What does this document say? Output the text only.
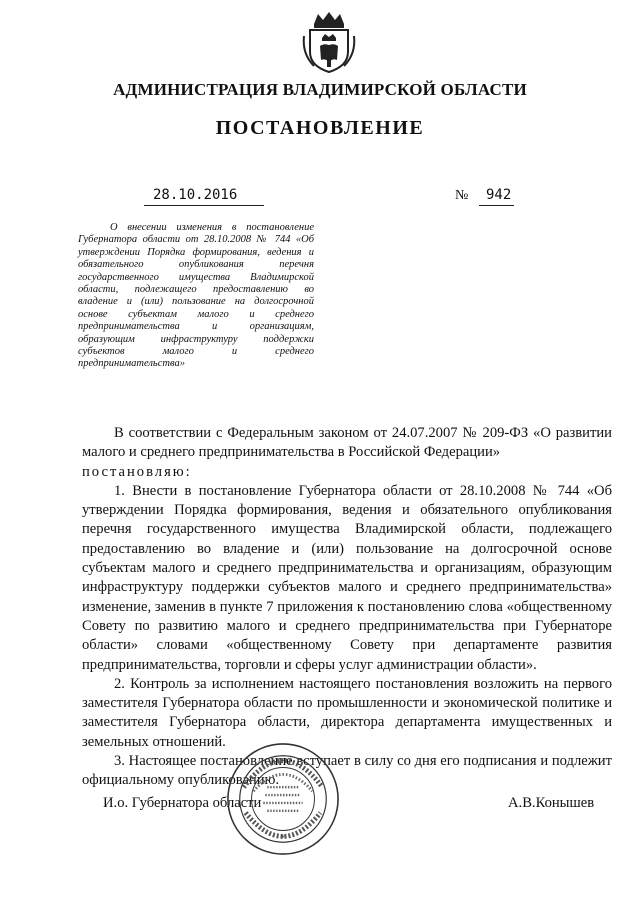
АДМИНИСТРАЦИЯ ВЛАДИМИРСКОЙ ОБЛАСТИ
ПОСТАНОВЛЕНИЕ
28.10.2016	№ 942

О внесении изменения в постановление Губернатора области от 28.10.2008 № 744 «Об утверждении Порядка формирования, ведения и обязательного опубликования перечня государственного имущества Владимирской области, подлежащего предоставлению во владение и (или) пользование на долгосрочной основе субъектам малого и среднего предпринимательства и организациям, образующим инфраструктуру поддержки субъектов малого и среднего предпринимательства»

В соответствии с Федеральным законом от 24.07.2007 № 209-ФЗ «О развитии малого и среднего предпринимательства в Российской Федерации»

постановляю:

1. Внести в постановление Губернатора области от 28.10.2008 № 744 «Об утверждении Порядка формирования, ведения и обязательного опубликования перечня государственного имущества Владимирской области, подлежащего предоставлению во владение и (или) пользование на долгосрочной основе субъектам малого и среднего предпринимательства и организациям, образующим инфраструктуру поддержки субъектов малого и среднего предпринимательства» изменение, заменив в пункте 7 приложения к постановлению слова «общественному Совету по развитию малого и среднего предпринимательства при Губернаторе области» словами «общественному Совету при департаменте развития предпринимательства, торговли и сферы услуг администрации области».

2. Контроль за исполнением настоящего постановления возложить на первого заместителя Губернатора области по промышленности и экономической политике и заместителя Губернатора области, директора департамента имущественных и земельных отношений.

3. Настоящее постановление вступает в силу со дня его подписания и подлежит официальному опубликованию.

И.о. Губернатора области	А.В.Конышев
*
